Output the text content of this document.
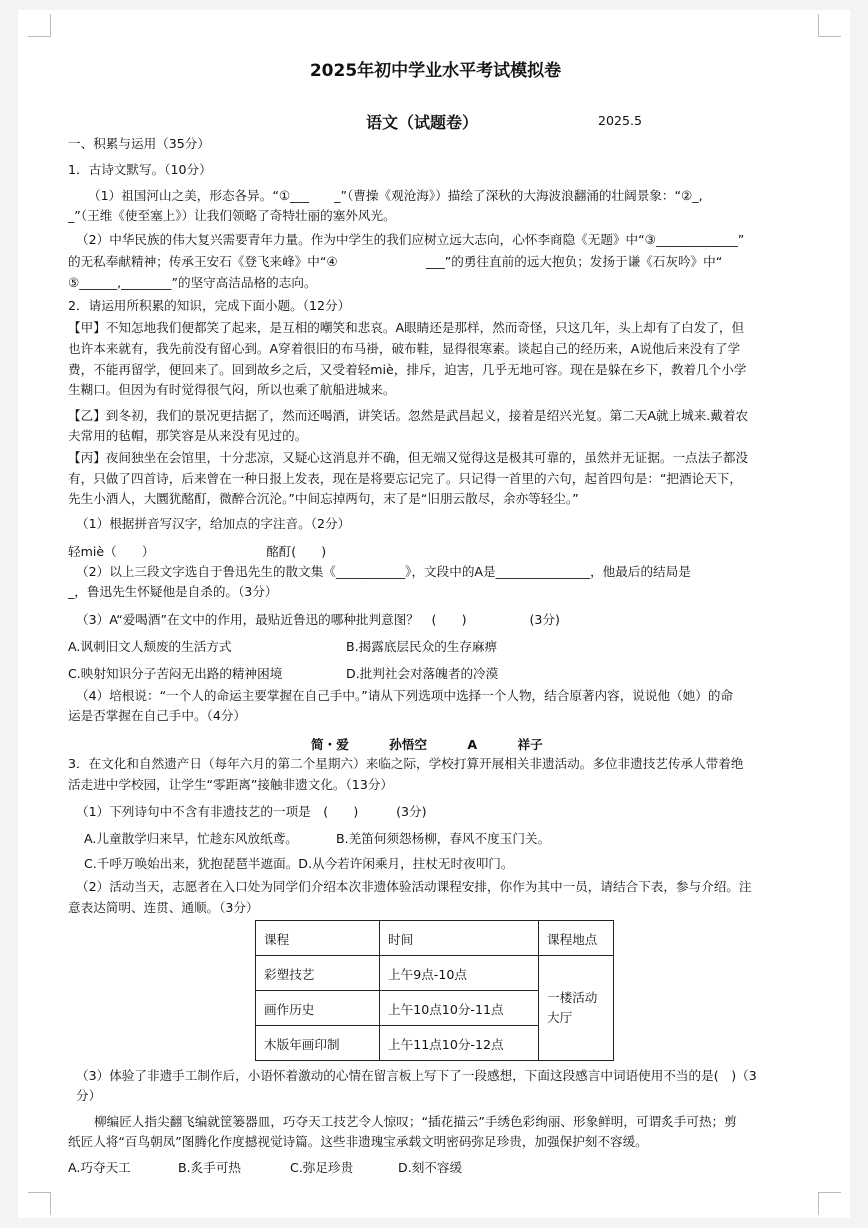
2025年初中学业水平考试模拟卷
语文（试题卷）	2025.5
一、积累与运用（35分）
1．古诗文默写。（10分）
（1）祖国河山之美，形态各异。“①___　　_”（曹操《观沧海》）描绘了深秋的大海波浪翻涌的壮阔景象：“②_,
_”（王维《使至塞上》）让我们领略了奇特壮丽的塞外风光。
（2）中华民族的伟大复兴需要青年力量。作为中学生的我们应树立远大志向，心怀李商隐《无题》中“③_____________”
的无私奉献精神；传承王安石《登飞来峰》中“④　　　　　　　___”的勇往直前的远大抱负；发扬于谦《石灰吟》中“
⑤______,________”的坚守高洁品格的志向。
2．请运用所积累的知识，完成下面小题。（12分）
【甲】不知怎地我们便都笑了起来，是互相的嘲笑和悲哀。A眼睛还是那样，然而奇怪，只这几年，头上却有了白发了，但
也许本来就有，我先前没有留心到。A穿着很旧的布马褂，破布鞋，显得很寒素。谈起自己的经历来，A说他后来没有了学
费，不能再留学，便回来了。回到故乡之后，又受着轻miè，排斥，迫害，几乎无地可容。现在是躲在乡下，教着几个小学
生糊口。但因为有时觉得很气闷，所以也乘了航船进城来。
【乙】到冬初，我们的景况更拮据了，然而还喝酒，讲笑话。忽然是武昌起义，接着是绍兴光复。第二天A就上城来.戴着农
夫常用的毡帽，那笑容是从来没有见过的。
【丙】夜间独坐在会馆里，十分悲凉，又疑心这消息并不确，但无端又觉得这是极其可靠的，虽然并无证据。一点法子都没
有，只做了四首诗，后来曾在一种日报上发表，现在是将要忘记完了。只记得一首里的六句，起首四句是：“把酒论天下，
先生小酒人，大圜犹酩酊，微醉合沉沦。”中间忘掉两句，末了是“旧朋云散尽，余亦等轻尘。”
（1）根据拼音写汉字，给加点的字注音。（2分）
轻miè（　　）	酩酊(　　)
（2）以上三段文字选自于鲁迅先生的散文集《___________》，文段中的A是_______________，他最后的结局是
_，鲁迅先生怀疑他是自杀的。（3分）
（3）A“爱喝酒”在文中的作用，最贴近鲁迅的哪种批判意图？　(　　)　　　　　(3分)
A.讽刺旧文人颓废的生活方式	B.揭露底层民众的生存麻痹
C.映射知识分子苦闷无出路的精神困境	D.批判社会对落魄者的冷漠
（4）培根说：“一个人的命运主要掌握在自己手中。”请从下列选项中选择一个人物，结合原著内容，说说他（她）的命
运是否掌握在自己手中。（4分）
简・爱	孙悟空	A	祥子
3．在文化和自然遗产日（每年六月的第二个星期六）来临之际，学校打算开展相关非遗活动。多位非遗技艺传承人带着绝
活走进中学校园，让学生“零距离”接触非遗文化。（13分）
（1）下列诗句中不含有非遗技艺的一项是　(　　)　　　(3分)
A.儿童散学归来早，忙趁东风放纸鸢。	B.羌笛何须怨杨柳，春风不度玉门关。
C.千呼万唤始出来，犹抱琵琶半遮面。D.从今若许闲乘月，拄杖无时夜叩门。
（2）活动当天，志愿者在入口处为同学们介绍本次非遗体验活动课程安排，你作为其中一员，请结合下表，参与介绍。注
意表达简明、连贯、通顺。（3分）
课程	时间	课程地点
彩塑技艺	上午9点-10点	一楼活动
大厅
画作历史	上午10点10分-11点	
木版年画印制	上午11点10分-12点	
（3）体验了非遗手工制作后，小语怀着激动的心情在留言板上写下了一段感想，下面这段感言中词语使用不当的是(　)（3
分）
柳编匠人指尖翻飞编就筐篓器皿，巧夺天工技艺令人惊叹；“插花描云”手绣色彩绚丽、形象鲜明，可谓炙手可热；剪
纸匠人将“百鸟朝凤”图腾化作度撼视觉诗篇。这些非遗瑰宝承载文明密码弥足珍贵，加强保护刻不容缓。
A.巧夺天工	B.炙手可热	C.弥足珍贵	D.刻不容缓
